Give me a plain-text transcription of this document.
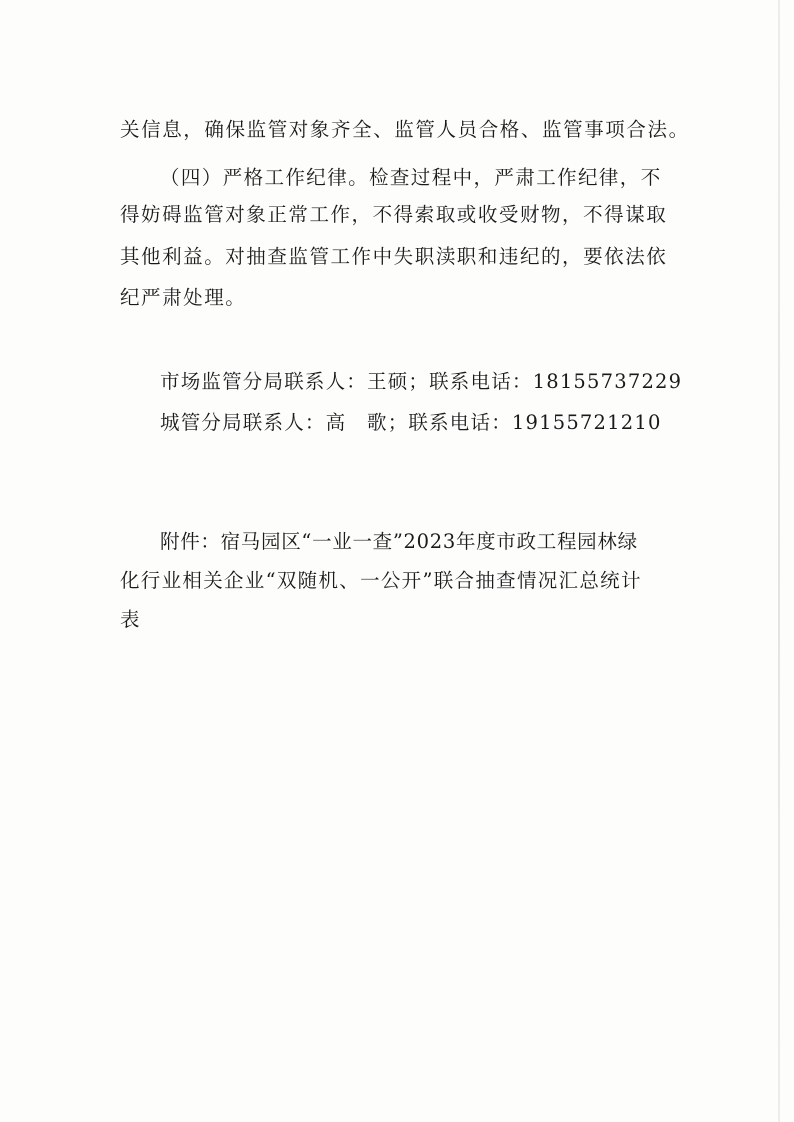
关信息，确保监管对象齐全、监管人员合格、监管事项合法。
（四）严格工作纪律。检查过程中，严肃工作纪律，不
得妨碍监管对象正常工作，不得索取或收受财物，不得谋取
其他利益。对抽查监管工作中失职渎职和违纪的，要依法依
纪严肃处理。
市场监管分局联系人：王硕；联系电话：18155737229
城管分局联系人：高　歌；联系电话：19155721210
附件：宿马园区“一业一查”2023年度市政工程园林绿
化行业相关企业“双随机、一公开”联合抽查情况汇总统计
表
